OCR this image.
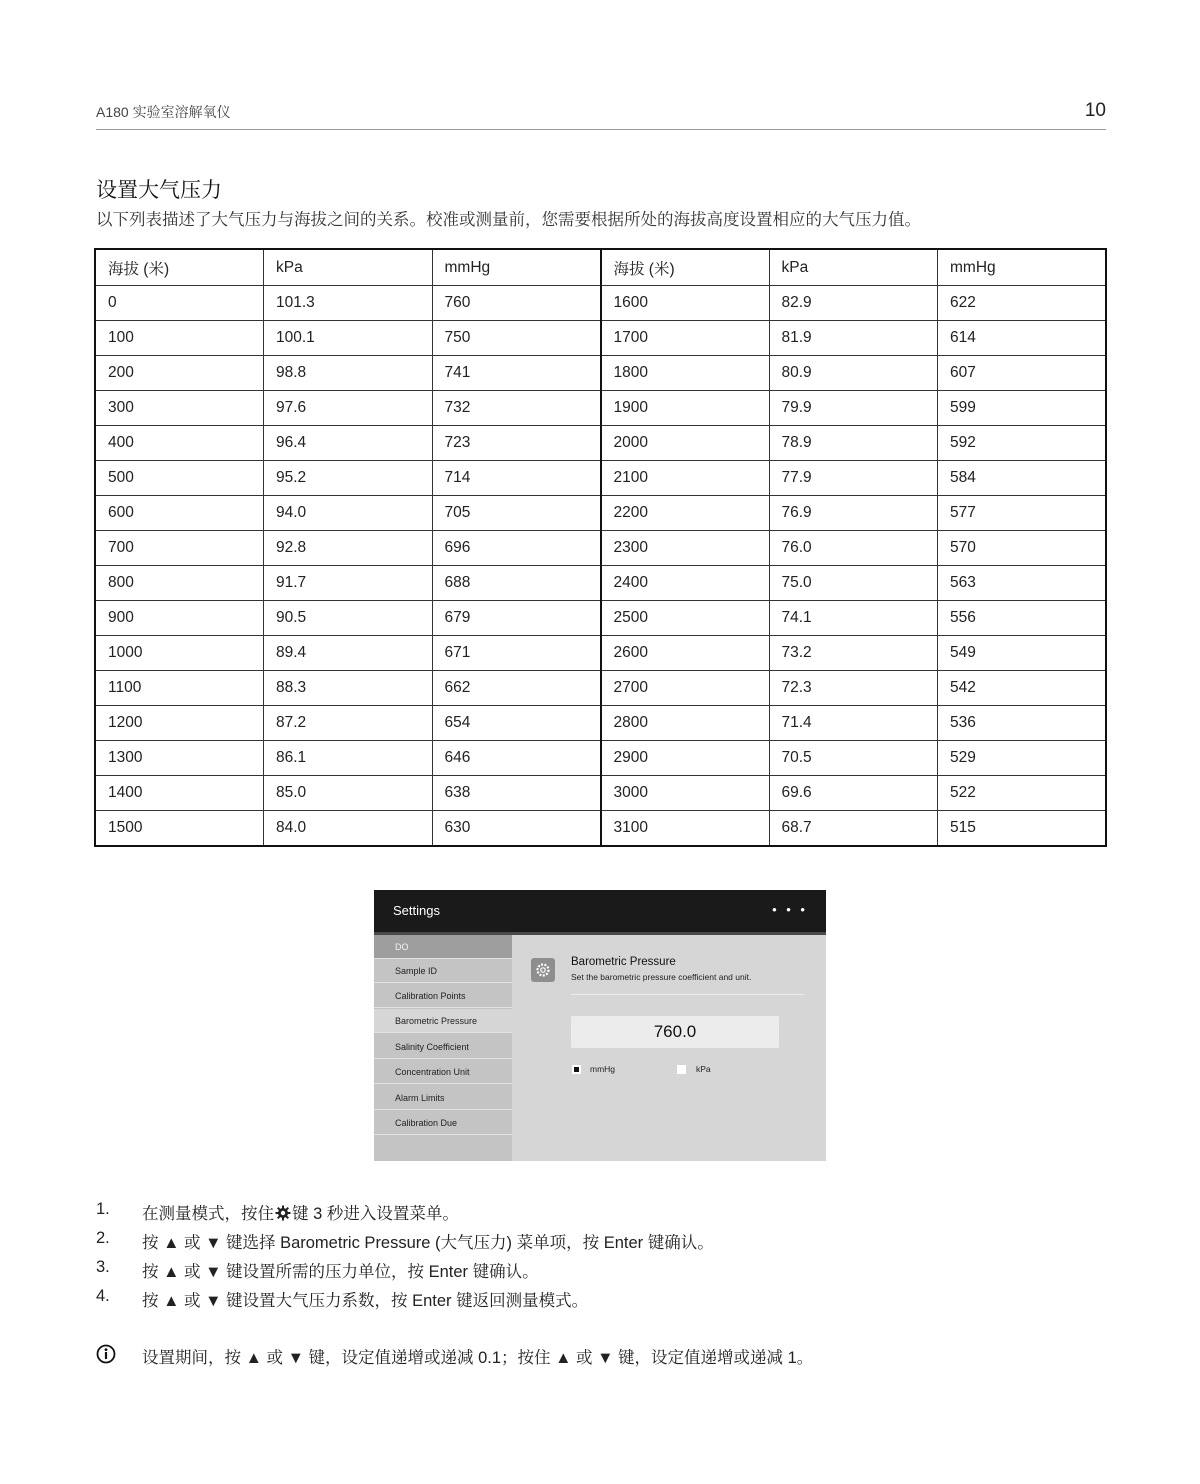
A180 实验室溶解氧仪	10
设置大气压力
以下列表描述了大气压力与海拔之间的关系。校准或测量前，您需要根据所处的海拔高度设置相应的大气压力值。
海拔 (米)	kPa	mmHg	海拔 (米)	kPa	mmHg
0	101.3	760	1600	82.9	622
100	100.1	750	1700	81.9	614
200	98.8	741	1800	80.9	607
300	97.6	732	1900	79.9	599
400	96.4	723	2000	78.9	592
500	95.2	714	2100	77.9	584
600	94.0	705	2200	76.9	577
700	92.8	696	2300	76.0	570
800	91.7	688	2400	75.0	563
900	90.5	679	2500	74.1	556
1000	89.4	671	2600	73.2	549
1100	88.3	662	2700	72.3	542
1200	87.2	654	2800	71.4	536
1300	86.1	646	2900	70.5	529
1400	85.0	638	3000	69.6	522
1500	84.0	630	3100	68.7	515
Settings	• • •
DO
Sample ID
Calibration Points
Barometric Pressure
Salinity Coefficient
Concentration Unit
Alarm Limits
Calibration Due
Barometric Pressure
Set the barometric pressure coefficient and unit.
760.0
mmHg	kPa
1.	在测量模式，按住 键 3 秒进入设置菜单。
2.	按 ▲ 或 ▼ 键选择 Barometric Pressure (大气压力) 菜单项，按 Enter 键确认。
3.	按 ▲ 或 ▼ 键设置所需的压力单位，按 Enter 键确认。
4.	按 ▲ 或 ▼ 键设置大气压力系数，按 Enter 键返回测量模式。
设置期间，按 ▲ 或 ▼ 键，设定值递增或递减 0.1；按住 ▲ 或 ▼ 键，设定值递增或递减 1。
